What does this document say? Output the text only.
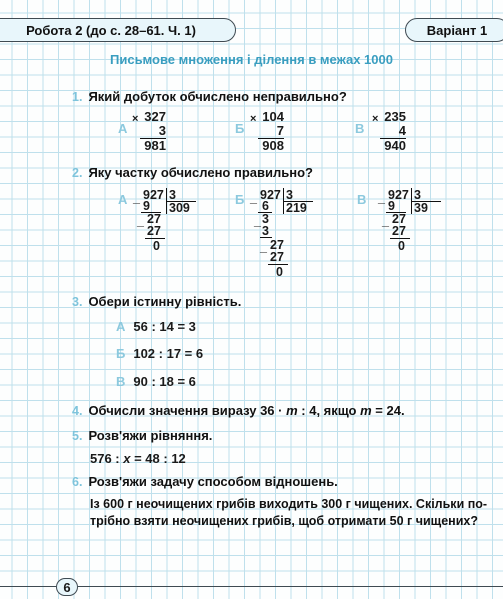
Робота 2 (до с. 28–61. Ч. 1)	Варіант 1
Письмове множення і ділення в межах 1000
1. Який добуток обчислено неправильно?
А
× 327
3
981
Б
× 104
7
908
В
× 235
4
940
2. Яку частку обчислено правильно?
А _ 927 3
309
9
_ 27
27
0
Б _ 927 3
219
6
_ 3
3
_ 27
27
0
В _ 927 3
39
9
_ 27
27
0
3. Обери істинну рівність.
А 56 : 14 = 3
Б 102 : 17 = 6
В 90 : 18 = 6
4. Обчисли значення виразу 36 · m : 4, якщо m = 24.
5. Розв'яжи рівняння.
576 : x = 48 : 12
6. Розв'яжи задачу способом відношень.
Із 600 г неочищених грибів виходить 300 г чищених. Скільки по-
трібно взяти неочищених грибів, щоб отримати 50 г чищених?
6
